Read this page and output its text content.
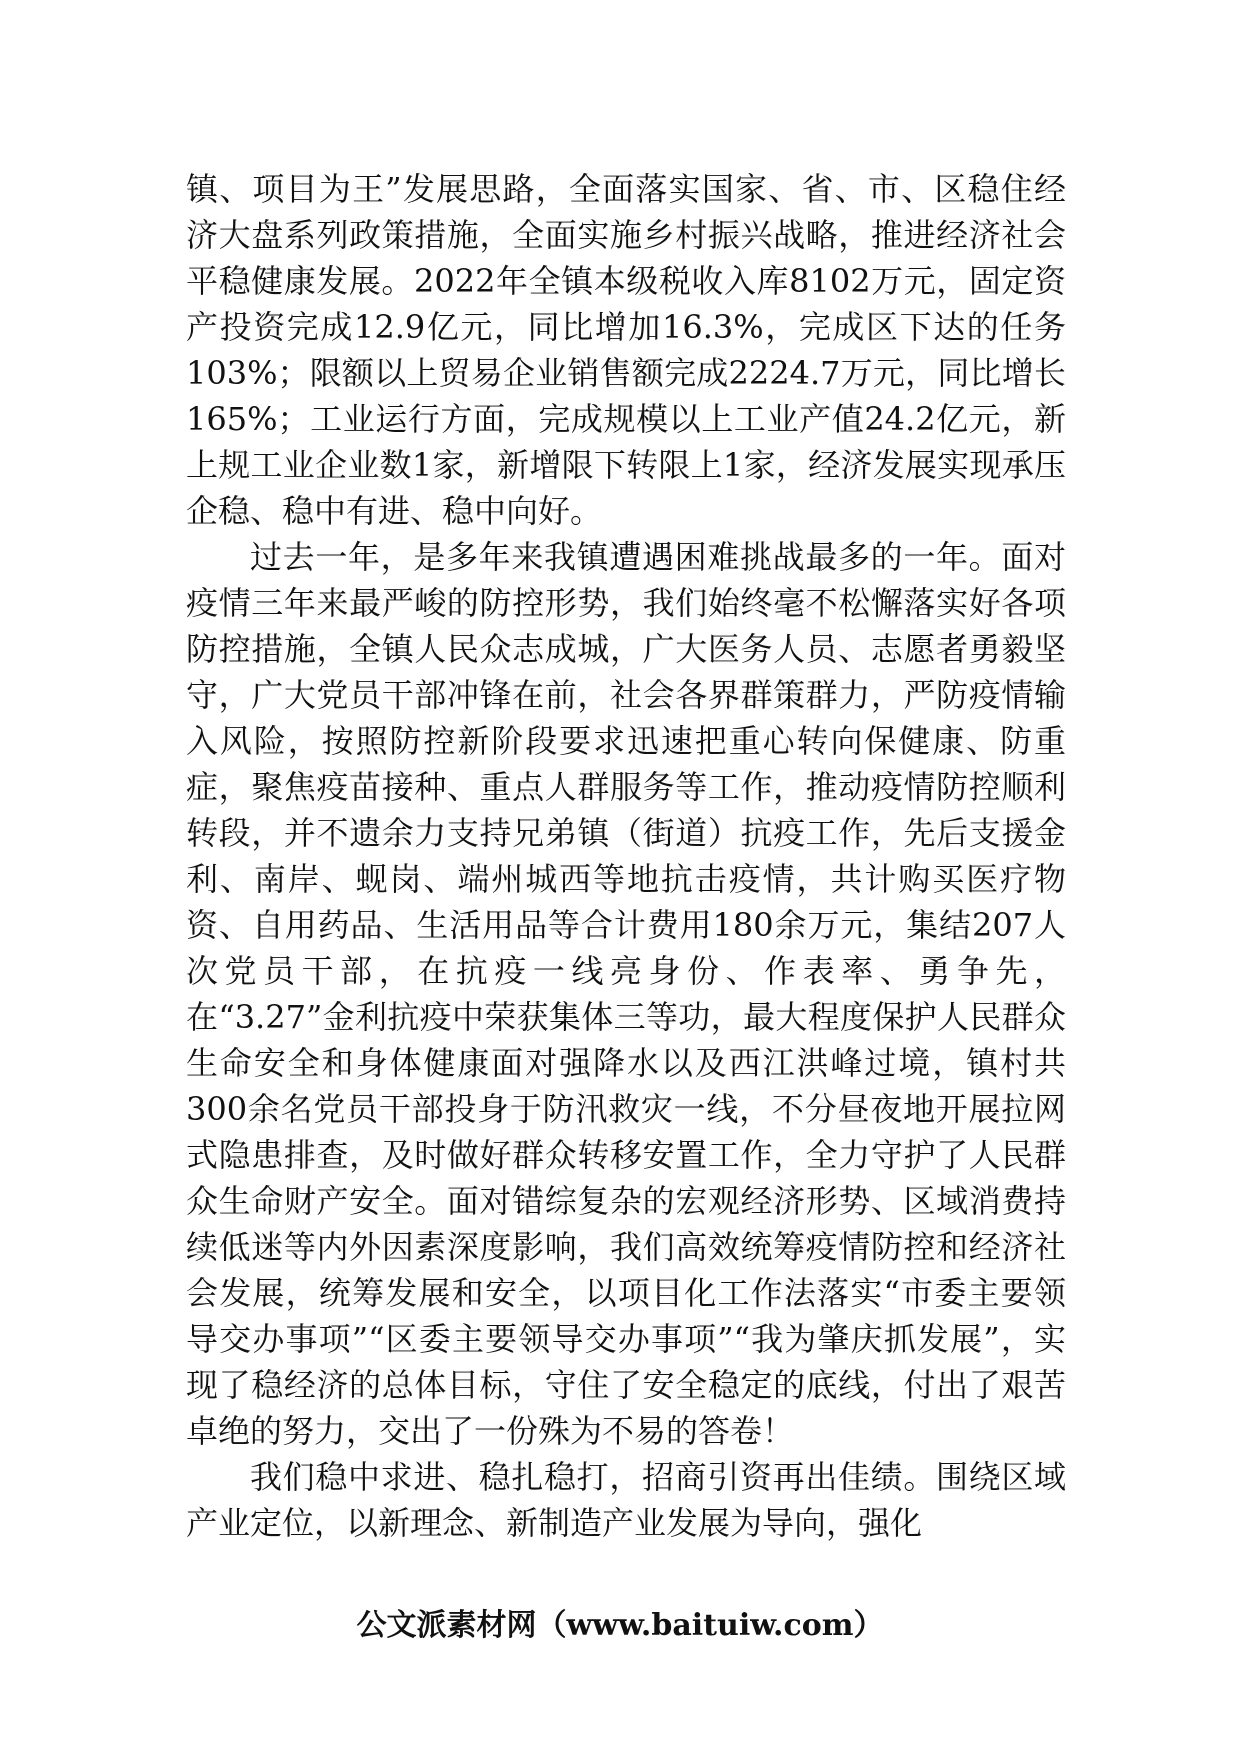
镇、项目为王”发展思路，全面落实国家、省、市、区稳住经济大盘系列政策措施，全面实施乡村振兴战略，推进经济社会平稳健康发展。2022年全镇本级税收入库8102万元，固定资产投资完成12.9亿元，同比增加16.3%，完成区下达的任务103%；限额以上贸易企业销售额完成2224.7万元，同比增长165%；工业运行方面，完成规模以上工业产值24.2亿元，新上规工业企业数1家，新增限下转限上1家，经济发展实现承压企稳、稳中有进、稳中向好。

过去一年，是多年来我镇遭遇困难挑战最多的一年。面对疫情三年来最严峻的防控形势，我们始终毫不松懈落实好各项防控措施，全镇人民众志成城，广大医务人员、志愿者勇毅坚守，广大党员干部冲锋在前，社会各界群策群力，严防疫情输入风险，按照防控新阶段要求迅速把重心转向保健康、防重症，聚焦疫苗接种、重点人群服务等工作，推动疫情防控顺利转段，并不遗余力支持兄弟镇（街道）抗疫工作，先后支援金利、南岸、蚬岗、端州城西等地抗击疫情，共计购买医疗物资、自用药品、生活用品等合计费用180余万元，集结207人次党员干部，在抗疫一线亮身份、作表率、勇争先，在“3.27”金利抗疫中荣获集体三等功，最大程度保护人民群众生命安全和身体健康面对强降水以及西江洪峰过境，镇村共300余名党员干部投身于防汛救灾一线，不分昼夜地开展拉网式隐患排查，及时做好群众转移安置工作，全力守护了人民群众生命财产安全。面对错综复杂的宏观经济形势、区域消费持续低迷等内外因素深度影响，我们高效统筹疫情防控和经济社会发展，统筹发展和安全，以项目化工作法落实“市委主要领导交办事项”“区委主要领导交办事项”“我为肇庆抓发展”，实现了稳经济的总体目标，守住了安全稳定的底线，付出了艰苦卓绝的努力，交出了一份殊为不易的答卷！

我们稳中求进、稳扎稳打，招商引资再出佳绩。围绕区域产业定位，以新理念、新制造产业发展为导向，强化

公文派素材网（www.baituiw.com）
